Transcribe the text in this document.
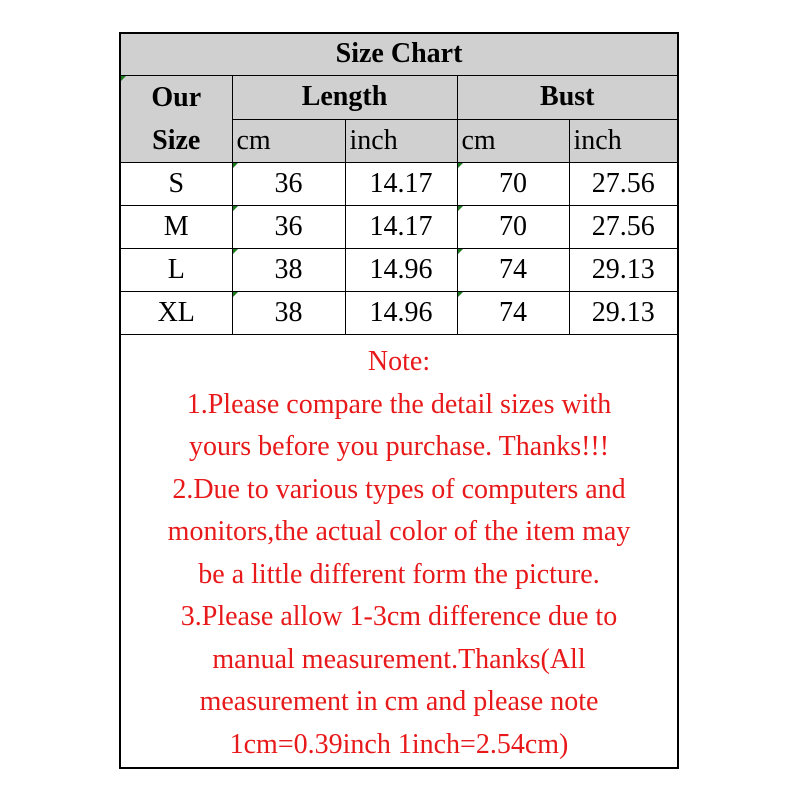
Size Chart				

Our
Size	Length		Bust	
	cm	inch	cm	inch
S	36	14.17	70	27.56
M	36	14.17	70	27.56
L	38	14.96	74	29.13
XL	38	14.96	74	29.13
Note:
1.Please compare the detail sizes with
yours before you purchase. Thanks!!!
2.Due to various types of computers and
monitors,the actual color of the item may
be a little different form the picture.
3.Please allow 1-3cm difference due to
manual measurement.Thanks(All
measurement in cm and please note
1cm=0.39inch 1inch=2.54cm)
